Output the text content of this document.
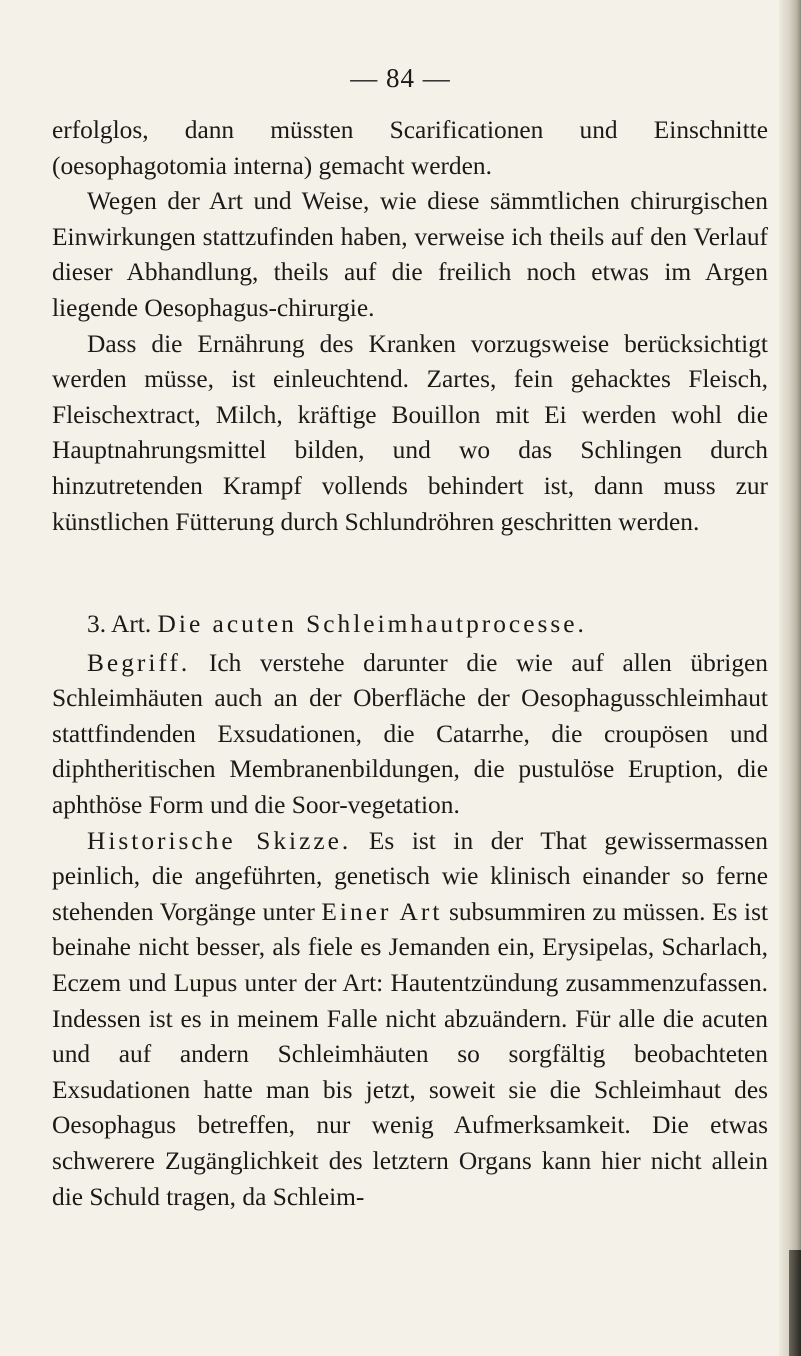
— 84 —

erfolglos, dann müssten Scarificationen und Einschnitte (oesophagotomia interna) gemacht werden.

Wegen der Art und Weise, wie diese sämmtlichen chirurgischen Einwirkungen stattzufinden haben, verweise ich theils auf den Verlauf dieser Abhandlung, theils auf die freilich noch etwas im Argen liegende Oesophagus-chirurgie.

Dass die Ernährung des Kranken vorzugsweise berücksichtigt werden müsse, ist einleuchtend. Zartes, fein gehacktes Fleisch, Fleischextract, Milch, kräftige Bouillon mit Ei werden wohl die Hauptnahrungsmittel bilden, und wo das Schlingen durch hinzutretenden Krampf vollends behindert ist, dann muss zur künstlichen Fütterung durch Schlundröhren geschritten werden.

3. Art. Die acuten Schleimhautprocesse.

Begriff. Ich verstehe darunter die wie auf allen übrigen Schleimhäuten auch an der Oberfläche der Oesophagusschleimhaut stattfindenden Exsudationen, die Catarrhe, die croupösen und diphtheritischen Membranenbildungen, die pustulöse Eruption, die aphthöse Form und die Soor-vegetation.

Historische Skizze. Es ist in der That gewissermassen peinlich, die angeführten, genetisch wie klinisch einander so ferne stehenden Vorgänge unter Einer Art subsummiren zu müssen. Es ist beinahe nicht besser, als fiele es Jemanden ein, Erysipelas, Scharlach, Eczem und Lupus unter der Art: Hautentzündung zusammenzufassen. Indessen ist es in meinem Falle nicht abzuändern. Für alle die acuten und auf andern Schleimhäuten so sorgfältig beobachteten Exsudationen hatte man bis jetzt, soweit sie die Schleimhaut des Oesophagus betreffen, nur wenig Aufmerksamkeit. Die etwas schwerere Zugänglichkeit des letztern Organs kann hier nicht allein die Schuld tragen, da Schleim-
